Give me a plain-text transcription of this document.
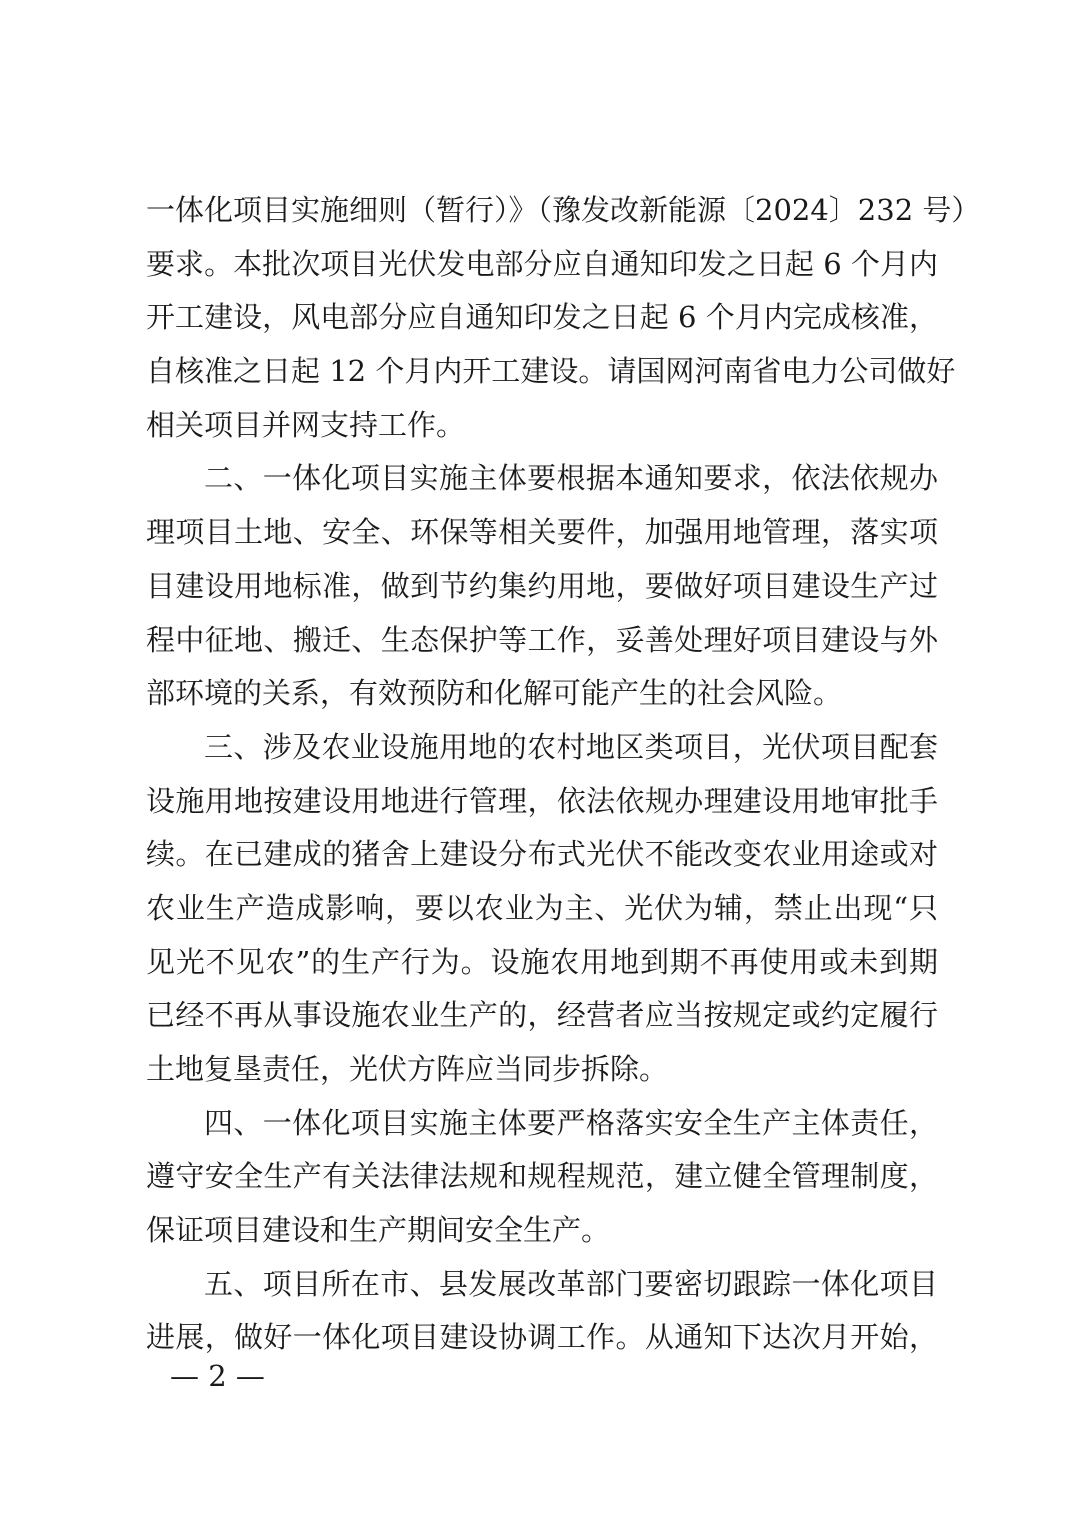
一体化项目实施细则（暂行）》（豫发改新能源〔2024〕232 号）
要求。本批次项目光伏发电部分应自通知印发之日起 6 个月内
开工建设，风电部分应自通知印发之日起 6 个月内完成核准，
自核准之日起 12 个月内开工建设。请国网河南省电力公司做好
相关项目并网支持工作。
二、一体化项目实施主体要根据本通知要求，依法依规办
理项目土地、安全、环保等相关要件，加强用地管理，落实项
目建设用地标准，做到节约集约用地，要做好项目建设生产过
程中征地、搬迁、生态保护等工作，妥善处理好项目建设与外
部环境的关系，有效预防和化解可能产生的社会风险。
三、涉及农业设施用地的农村地区类项目，光伏项目配套
设施用地按建设用地进行管理，依法依规办理建设用地审批手
续。在已建成的猪舍上建设分布式光伏不能改变农业用途或对
农业生产造成影响，要以农业为主、光伏为辅，禁止出现“只
见光不见农”的生产行为。设施农用地到期不再使用或未到期
已经不再从事设施农业生产的，经营者应当按规定或约定履行
土地复垦责任，光伏方阵应当同步拆除。
四、一体化项目实施主体要严格落实安全生产主体责任，
遵守安全生产有关法律法规和规程规范，建立健全管理制度，
保证项目建设和生产期间安全生产。
五、项目所在市、县发展改革部门要密切跟踪一体化项目
进展，做好一体化项目建设协调工作。从通知下达次月开始，
— 2 —
